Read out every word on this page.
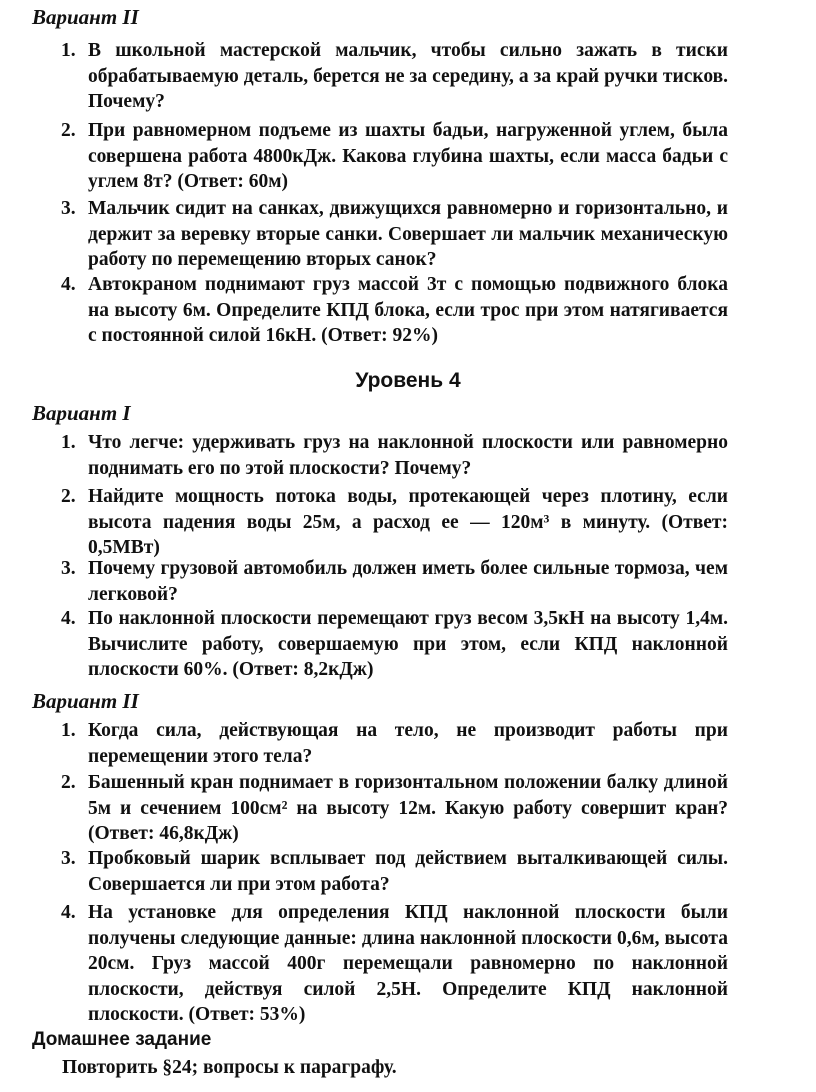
Вариант II
1. В школьной мастерской мальчик, чтобы сильно зажать в тиски обрабатываемую деталь, берется не за середину, а за край ручки тисков. Почему?
2. При равномерном подъеме из шахты бадьи, нагруженной углем, была совершена работа 4800кДж. Какова глубина шахты, если масса бадьи с углем 8т? (Ответ: 60м)
3. Мальчик сидит на санках, движущихся равномерно и горизонтально, и держит за веревку вторые санки. Совершает ли мальчик механическую работу по перемещению вторых санок?
4. Автокраном поднимают груз массой 3т с помощью подвижного блока на высоту 6м. Определите КПД блока, если трос при этом натягивается с постоянной силой 16кН. (Ответ: 92%)
Уровень 4
Вариант I
1. Что легче: удерживать груз на наклонной плоскости или равномерно поднимать его по этой плоскости? Почему?
2. Найдите мощность потока воды, протекающей через плотину, если высота падения воды 25м, а расход ее — 120м³ в минуту. (Ответ: 0,5МВт)
3. Почему грузовой автомобиль должен иметь более сильные тормоза, чем легковой?
4. По наклонной плоскости перемещают груз весом 3,5кН на высоту 1,4м. Вычислите работу, совершаемую при этом, если КПД наклонной плоскости 60%. (Ответ: 8,2кДж)
Вариант II
1. Когда сила, действующая на тело, не производит работы при перемещении этого тела?
2. Башенный кран поднимает в горизонтальном положении балку длиной 5м и сечением 100см² на высоту 12м. Какую работу совершит кран? (Ответ: 46,8кДж)
3. Пробковый шарик всплывает под действием выталкивающей силы. Совершается ли при этом работа?
4. На установке для определения КПД наклонной плоскости были получены следующие данные: длина наклонной плоскости 0,6м, высота 20см. Груз массой 400г перемещали равномерно по наклонной плоскости, действуя силой 2,5Н. Определите КПД наклонной плоскости. (Ответ: 53%)
Домашнее задание
Повторить §24; вопросы к параграфу.
